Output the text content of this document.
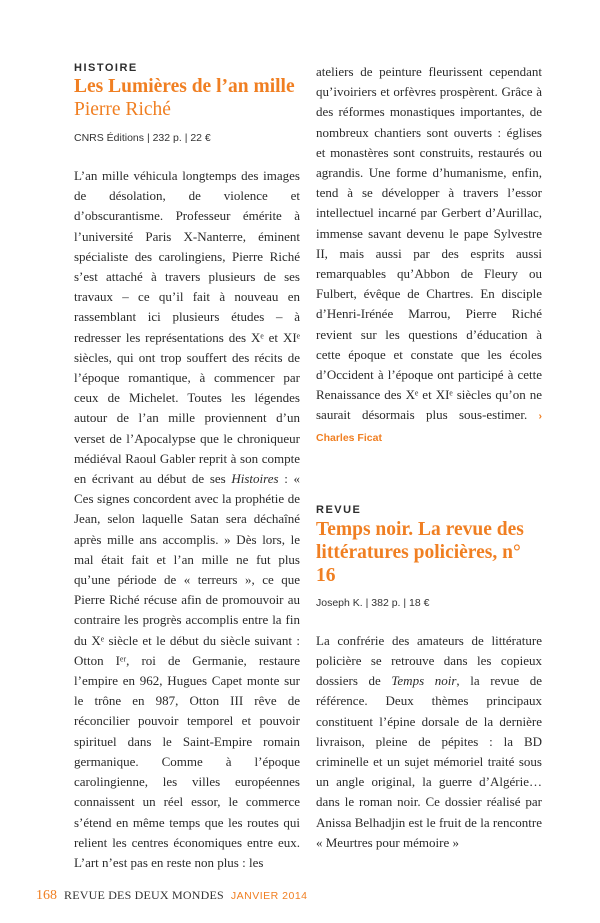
HISTOIRE
Les Lumières de l’an mille
Pierre Riché
CNRS Éditions | 232 p. | 22 €

L’an mille véhicula longtemps des images de désolation, de violence et d’obscurantisme. Professeur émérite à l’université Paris X-Nanterre, éminent spécialiste des carolingiens, Pierre Riché s’est attaché à travers plusieurs de ses travaux – ce qu’il fait à nouveau en rassemblant ici plusieurs études – à redresser les représentations des Xᵉ et XIᵉ siècles, qui ont trop souffert des récits de l’époque romantique, à commencer par ceux de Michelet. Toutes les légendes autour de l’an mille proviennent d’un verset de l’Apocalypse que le chroniqueur médiéval Raoul Gabler reprit à son compte en écrivant au début de ses Histoires : « Ces signes concordent avec la prophétie de Jean, selon laquelle Satan sera déchaîné après mille ans accomplis. » Dès lors, le mal était fait et l’an mille ne fut plus qu’une période de « terreurs », ce que Pierre Riché récuse afin de promouvoir au contraire les progrès accomplis entre la fin du Xᵉ siècle et le début du siècle suivant : Otton Iᵉʳ, roi de Germanie, restaure l’empire en 962, Hugues Capet monte sur le trône en 987, Otton III rêve de réconcilier pouvoir temporel et pouvoir spirituel dans le Saint-Empire romain germanique. Comme à l’époque carolingienne, les villes européennes connaissent un réel essor, le commerce s’étend en même temps que les routes qui relient les centres économiques entre eux. L’art n’est pas en reste non plus : les

ateliers de peinture fleurissent cependant qu’ivoiriers et orfèvres prospèrent. Grâce à des réformes monastiques importantes, de nombreux chantiers sont ouverts : églises et monastères sont construits, restaurés ou agrandis. Une forme d’humanisme, enfin, tend à se développer à travers l’essor intellectuel incarné par Gerbert d’Aurillac, immense savant devenu le pape Sylvestre II, mais aussi par des esprits aussi remarquables qu’Abbon de Fleury ou Fulbert, évêque de Chartres. En disciple d’Henri-Irénée Marrou, Pierre Riché revient sur les questions d’éducation à cette époque et constate que les écoles d’Occident à l’époque ont participé à cette Renaissance des Xᵉ et XIᵉ siècles qu’on ne saurait désormais plus sous-estimer. › Charles Ficat

REVUE
Temps noir. La revue des littératures policières, n° 16
Joseph K. | 382 p. | 18 €

La confrérie des amateurs de littérature policière se retrouve dans les copieux dossiers de Temps noir, la revue de référence. Deux thèmes principaux constituent l’épine dorsale de la dernière livraison, pleine de pépites : la BD criminelle et un sujet mémoriel traité sous un angle original, la guerre d’Algérie… dans le roman noir. Ce dossier réalisé par Anissa Belhadjin est le fruit de la rencontre « Meurtres pour mémoire »

168 REVUE DES DEUX MONDES JANVIER 2014
